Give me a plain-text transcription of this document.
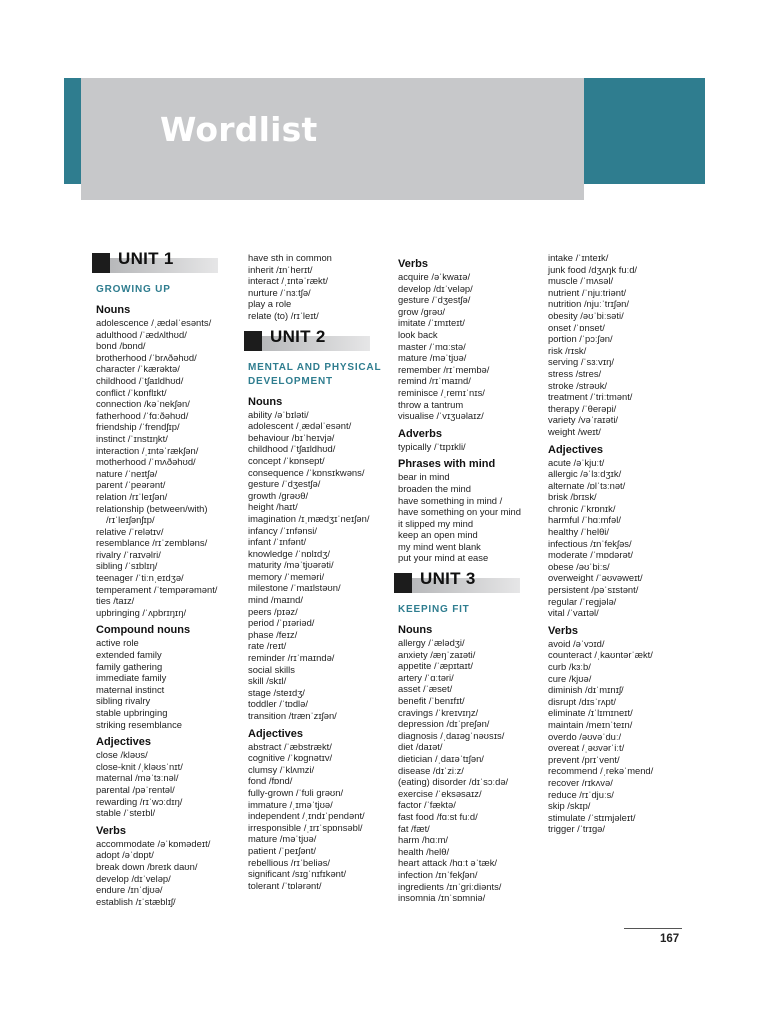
Wordlist
UNIT 1
GROWING UP
Nouns
adolescence /ˌædəlˈesənts/
adulthood /ˈædʌlthʊd/
bond /bɒnd/
brotherhood /ˈbrʌðəhʊd/
character /ˈkærəktə/
childhood /ˈtʃaɪldhʊd/
conflict /ˈkɒnflɪkt/
connection /kəˈnekʃən/
fatherhood /ˈfɑːðəhʊd/
friendship /ˈfrendʃɪp/
instinct /ˈɪnstɪŋkt/
interaction /ˌɪntəˈrækʃən/
motherhood /ˈmʌðəhʊd/
nature /ˈneɪtʃə/
parent /ˈpeərənt/
relation /rɪˈleɪʃən/
relationship (between/with)
/rɪˈleɪʃənʃɪp/
relative /ˈrelətɪv/
resemblance /rɪˈzembləns/
rivalry /ˈraɪvəlri/
sibling /ˈsɪblɪŋ/
teenager /ˈtiːnˌeɪdʒə/
temperament /ˈtempərəmənt/
ties /taɪz/
upbringing /ˈʌpbrɪŋɪŋ/
Compound nouns
active role
extended family
family gathering
immediate family
maternal instinct
sibling rivalry
stable upbringing
striking resemblance
Adjectives
close /kləʊs/
close-knit /ˌkləʊsˈnɪt/
maternal /məˈtɜːnəl/
parental /pəˈrentəl/
rewarding /rɪˈwɔːdɪŋ/
stable /ˈsteɪbl/
Verbs
accommodate /əˈkɒmədeɪt/
adopt /əˈdɒpt/
break down /breɪk daʊn/
develop /dɪˈveləp/
endure /ɪnˈdjʊə/
establish /ɪˈstæblɪʃ/
have sth in common
inherit /ɪnˈherɪt/
interact /ˌɪntəˈrækt/
nurture /ˈnɜːtʃə/
play a role
relate (to) /rɪˈleɪt/
UNIT 2
MENTAL AND PHYSICAL DEVELOPMENT
Nouns
ability /əˈbɪləti/
adolescent /ˌædəlˈesənt/
behaviour /bɪˈheɪvjə/
childhood /ˈtʃaɪldhʊd/
concept /ˈkɒnsept/
consequence /ˈkɒnsɪkwəns/
gesture /ˈdʒestʃə/
growth /grəʊθ/
height /haɪt/
imagination /ɪˌmædʒɪˈneɪʃən/
infancy /ˈɪnfənsi/
infant /ˈɪnfənt/
knowledge /ˈnɒlɪdʒ/
maturity /məˈtjʊərəti/
memory /ˈmeməri/
milestone /ˈmaɪlstəʊn/
mind /maɪnd/
peers /pɪəz/
period /ˈpɪəriəd/
phase /feɪz/
rate /reɪt/
reminder /rɪˈmaɪndə/
social skills
skill /skɪl/
stage /steɪdʒ/
toddler /ˈtɒdlə/
transition /trænˈzɪʃən/
Adjectives
abstract /ˈæbstrækt/
cognitive /ˈkɒgnətɪv/
clumsy /ˈklʌmzi/
fond /fɒnd/
fully-grown /ˈfʊli grəʊn/
immature /ˌɪməˈtjʊə/
independent /ˌɪndɪˈpendənt/
irresponsible /ˌɪrɪˈspɒnsəbl/
mature /məˈtjʊə/
patient /ˈpeɪʃənt/
rebellious /rɪˈbeliəs/
significant /sɪgˈnɪfɪkənt/
tolerant /ˈtɒlərənt/
Verbs
acquire /əˈkwaɪə/
develop /dɪˈveləp/
gesture /ˈdʒestʃə/
grow /grəʊ/
imitate /ˈɪmɪteɪt/
look back
master /ˈmɑːstə/
mature /məˈtjʊə/
remember /rɪˈmembə/
remind /rɪˈmaɪnd/
reminisce /ˌremɪˈnɪs/
throw a tantrum
visualise /ˈvɪʒuəlaɪz/
Adverbs
typically /ˈtɪpɪkli/
Phrases with mind
bear in mind
broaden the mind
have something in mind /
have something on your mind
it slipped my mind
keep an open mind
my mind went blank
put your mind at ease
UNIT 3
KEEPING FIT
Nouns
allergy /ˈælədʒi/
anxiety /æŋˈzaɪəti/
appetite /ˈæpɪtaɪt/
artery /ˈɑːtəri/
asset /ˈæset/
benefit /ˈbenɪfɪt/
cravings /ˈkreɪvɪŋz/
depression /dɪˈpreʃən/
diagnosis /ˌdaɪəgˈnəʊsɪs/
diet /daɪət/
dietician /ˌdaɪəˈtɪʃən/
disease /dɪˈziːz/
(eating) disorder /dɪˈsɔːdə/
exercise /ˈeksəsaɪz/
factor /ˈfæktə/
fast food /fɑːst fuːd/
fat /fæt/
harm /hɑːm/
health /helθ/
heart attack /hɑːt əˈtæk/
infection /ɪnˈfekʃən/
ingredients /ɪnˈgriːdiənts/
insomnia /ɪnˈsɒmniə/
intake /ˈɪnteɪk/
junk food /dʒʌŋk fuːd/
muscle /ˈmʌsəl/
nutrient /ˈnjuːtriənt/
nutrition /njuːˈtrɪʃən/
obesity /əʊˈbiːsəti/
onset /ˈɒnset/
portion /ˈpɔːʃən/
risk /rɪsk/
serving /ˈsɜːvɪŋ/
stress /stres/
stroke /strəʊk/
treatment /ˈtriːtmənt/
therapy /ˈθerəpi/
variety /vəˈraɪəti/
weight /weɪt/
Adjectives
acute /əˈkjuːt/
allergic /əˈlɜːdʒɪk/
alternate /ɒlˈtɜːnət/
brisk /brɪsk/
chronic /ˈkrɒnɪk/
harmful /ˈhɑːmfəl/
healthy /ˈhelθi/
infectious /ɪnˈfekʃəs/
moderate /ˈmɒdərət/
obese /əʊˈbiːs/
overweight /ˈəʊvəweɪt/
persistent /pəˈsɪstənt/
regular /ˈregjələ/
vital /ˈvaɪtəl/
Verbs
avoid /əˈvɔɪd/
counteract /ˌkaʊntərˈækt/
curb /kɜːb/
cure /kjʊə/
diminish /dɪˈmɪnɪʃ/
disrupt /dɪsˈrʌpt/
eliminate /ɪˈlɪmɪneɪt/
maintain /meɪnˈteɪn/
overdo /əʊvəˈduː/
overeat /ˌəʊvərˈiːt/
prevent /prɪˈvent/
recommend /ˌrekəˈmend/
recover /rɪkʌvə/
reduce /rɪˈdjuːs/
skip /skɪp/
stimulate /ˈstɪmjəleɪt/
trigger /ˈtrɪgə/
167
